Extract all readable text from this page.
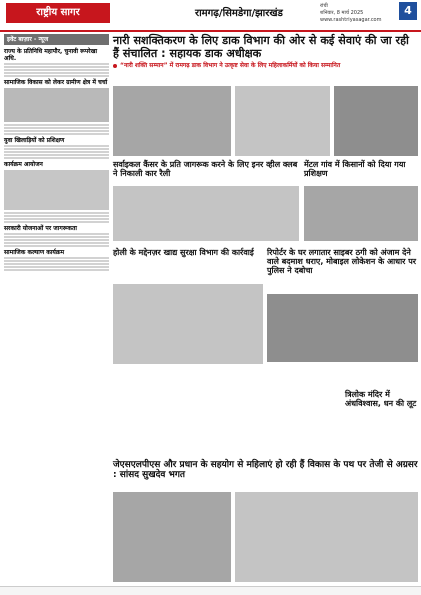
राष्ट्रीय सागर	रामगढ़/सिमडेगा/झारखंड
रांची
शनिवार, 8 मार्च 2025
www.rashtriyasagar.com
4
इवेंट बाज़ार - न्यूज
राज्य के प्रतिनिधि महापौर, चुनावी रूपरेखा अधि.
सामाजिक विकास को लेकर ग्रामीण क्षेत्र में चर्चा
युवा खिलाड़ियों को प्रशिक्षण
कार्यक्रम आयोजन
सरकारी योजनाओं पर जागरूकता
सामाजिक कल्याण कार्यक्रम
नारी सशक्तिकरण के लिए डाक विभाग की ओर से कई सेवाएं की जा रही हैं संचालित : सहायक डाक अधीक्षक
“नारी शक्ति सम्मान” में रामगढ़ डाक विभाग ने उत्कृष्ट सेवा के लिए महिलाकर्मियों को किया सम्मानित
सर्वाइकल कैंसर के प्रति जागरूक करने के लिए इनर व्हील क्लब ने निकाली कार रैली
मेंटल गांव में किसानों को दिया गया प्रशिक्षण
होली के मद्देनज़र खाद्य सुरक्षा विभाग की कार्रवाई	रिपोर्टर के घर लगातार साइबर ठगी को अंजाम देने वाले बदमाश धराए, मोबाइल लोकेशन के आधार पर पुलिस ने दबोचा
त्रिलोक मंदिर में अंधविश्वास, धन की लूट
जेएसएलपीएस और प्रधान के सहयोग से महिलाएं हो रही हैं विकास के पथ पर तेजी से अग्रसर : सांसद सुखदेव भगत
